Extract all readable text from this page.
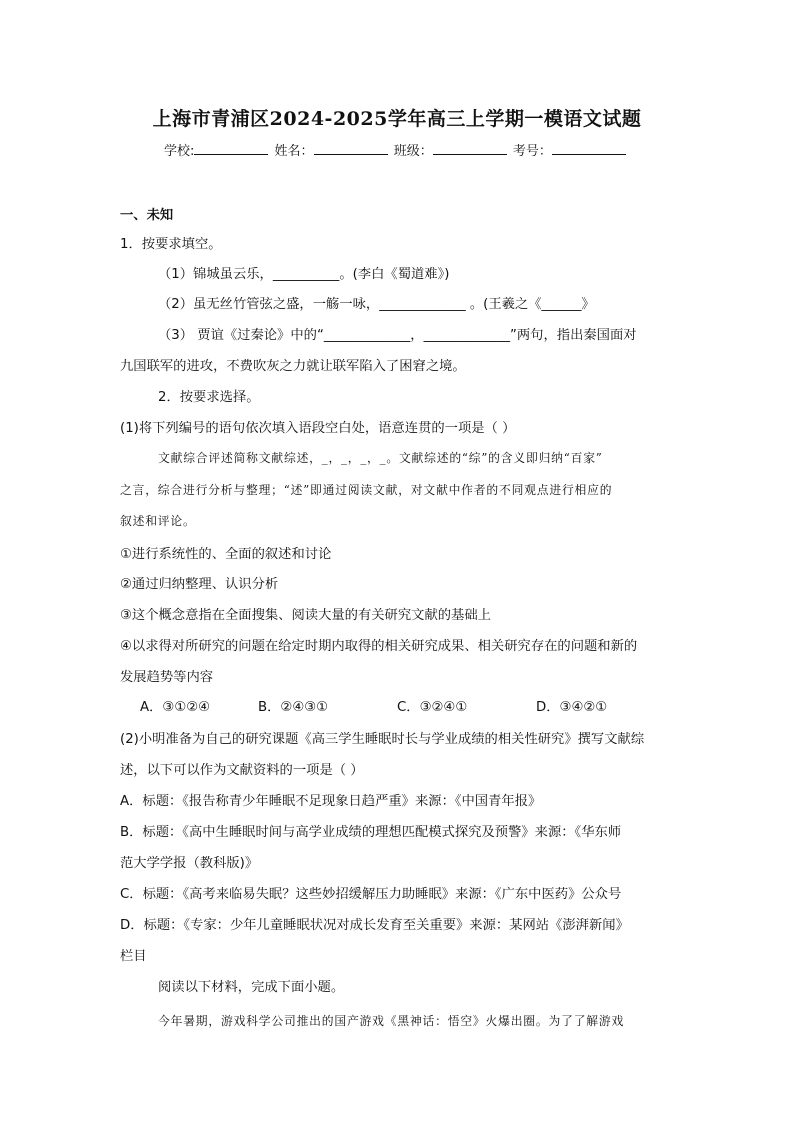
上海市青浦区2024-2025学年高三上学期一模语文试题
学校:	姓名：	班级：	考号：
一、未知
1．按要求填空。
（1）锦城虽云乐，__________。(李白《蜀道难》)
（2）虽无丝竹管弦之盛，一觞一咏，_____________ 。(王羲之《______》
（3） 贾谊《过秦论》中的“_____________，_____________”两句，指出秦国面对
九国联军的进攻，不费吹灰之力就让联军陷入了困窘之境。
2．按要求选择。
(1)将下列编号的语句依次填入语段空白处，语意连贯的一项是（ ）
文献综合评述简称文献综述，_，_，_，_。文献综述的“综”的含义即归纳“百家”
之言，综合进行分析与整理；“述”即通过阅读文献，对文献中作者的不同观点进行相应的
叙述和评论。
①进行系统性的、全面的叙述和讨论
②通过归纳整理、认识分析
③这个概念意指在全面搜集、阅读大量的有关研究文献的基础上
④以求得对所研究的问题在给定时期内取得的相关研究成果、相关研究存在的问题和新的
发展趋势等内容
A．③①②④	B．②④③①	C．③②④①	D．③④②①
(2)小明准备为自己的研究课题《高三学生睡眠时长与学业成绩的相关性研究》撰写文献综
述，以下可以作为文献资料的一项是（ ）
A．标题：《报告称青少年睡眠不足现象日趋严重》来源：《中国青年报》
B．标题：《高中生睡眠时间与高学业成绩的理想匹配模式探究及预警》来源：《华东师
范大学学报（教科版)》
C．标题：《高考来临易失眠？这些妙招缓解压力助睡眠》来源：《广东中医药》公众号
D．标题：《专家：少年儿童睡眠状况对成长发育至关重要》来源：某网站《澎湃新闻》
栏目
阅读以下材料，完成下面小题。
今年暑期，游戏科学公司推出的国产游戏《黑神话：悟空》火爆出圈。为了了解游戏
